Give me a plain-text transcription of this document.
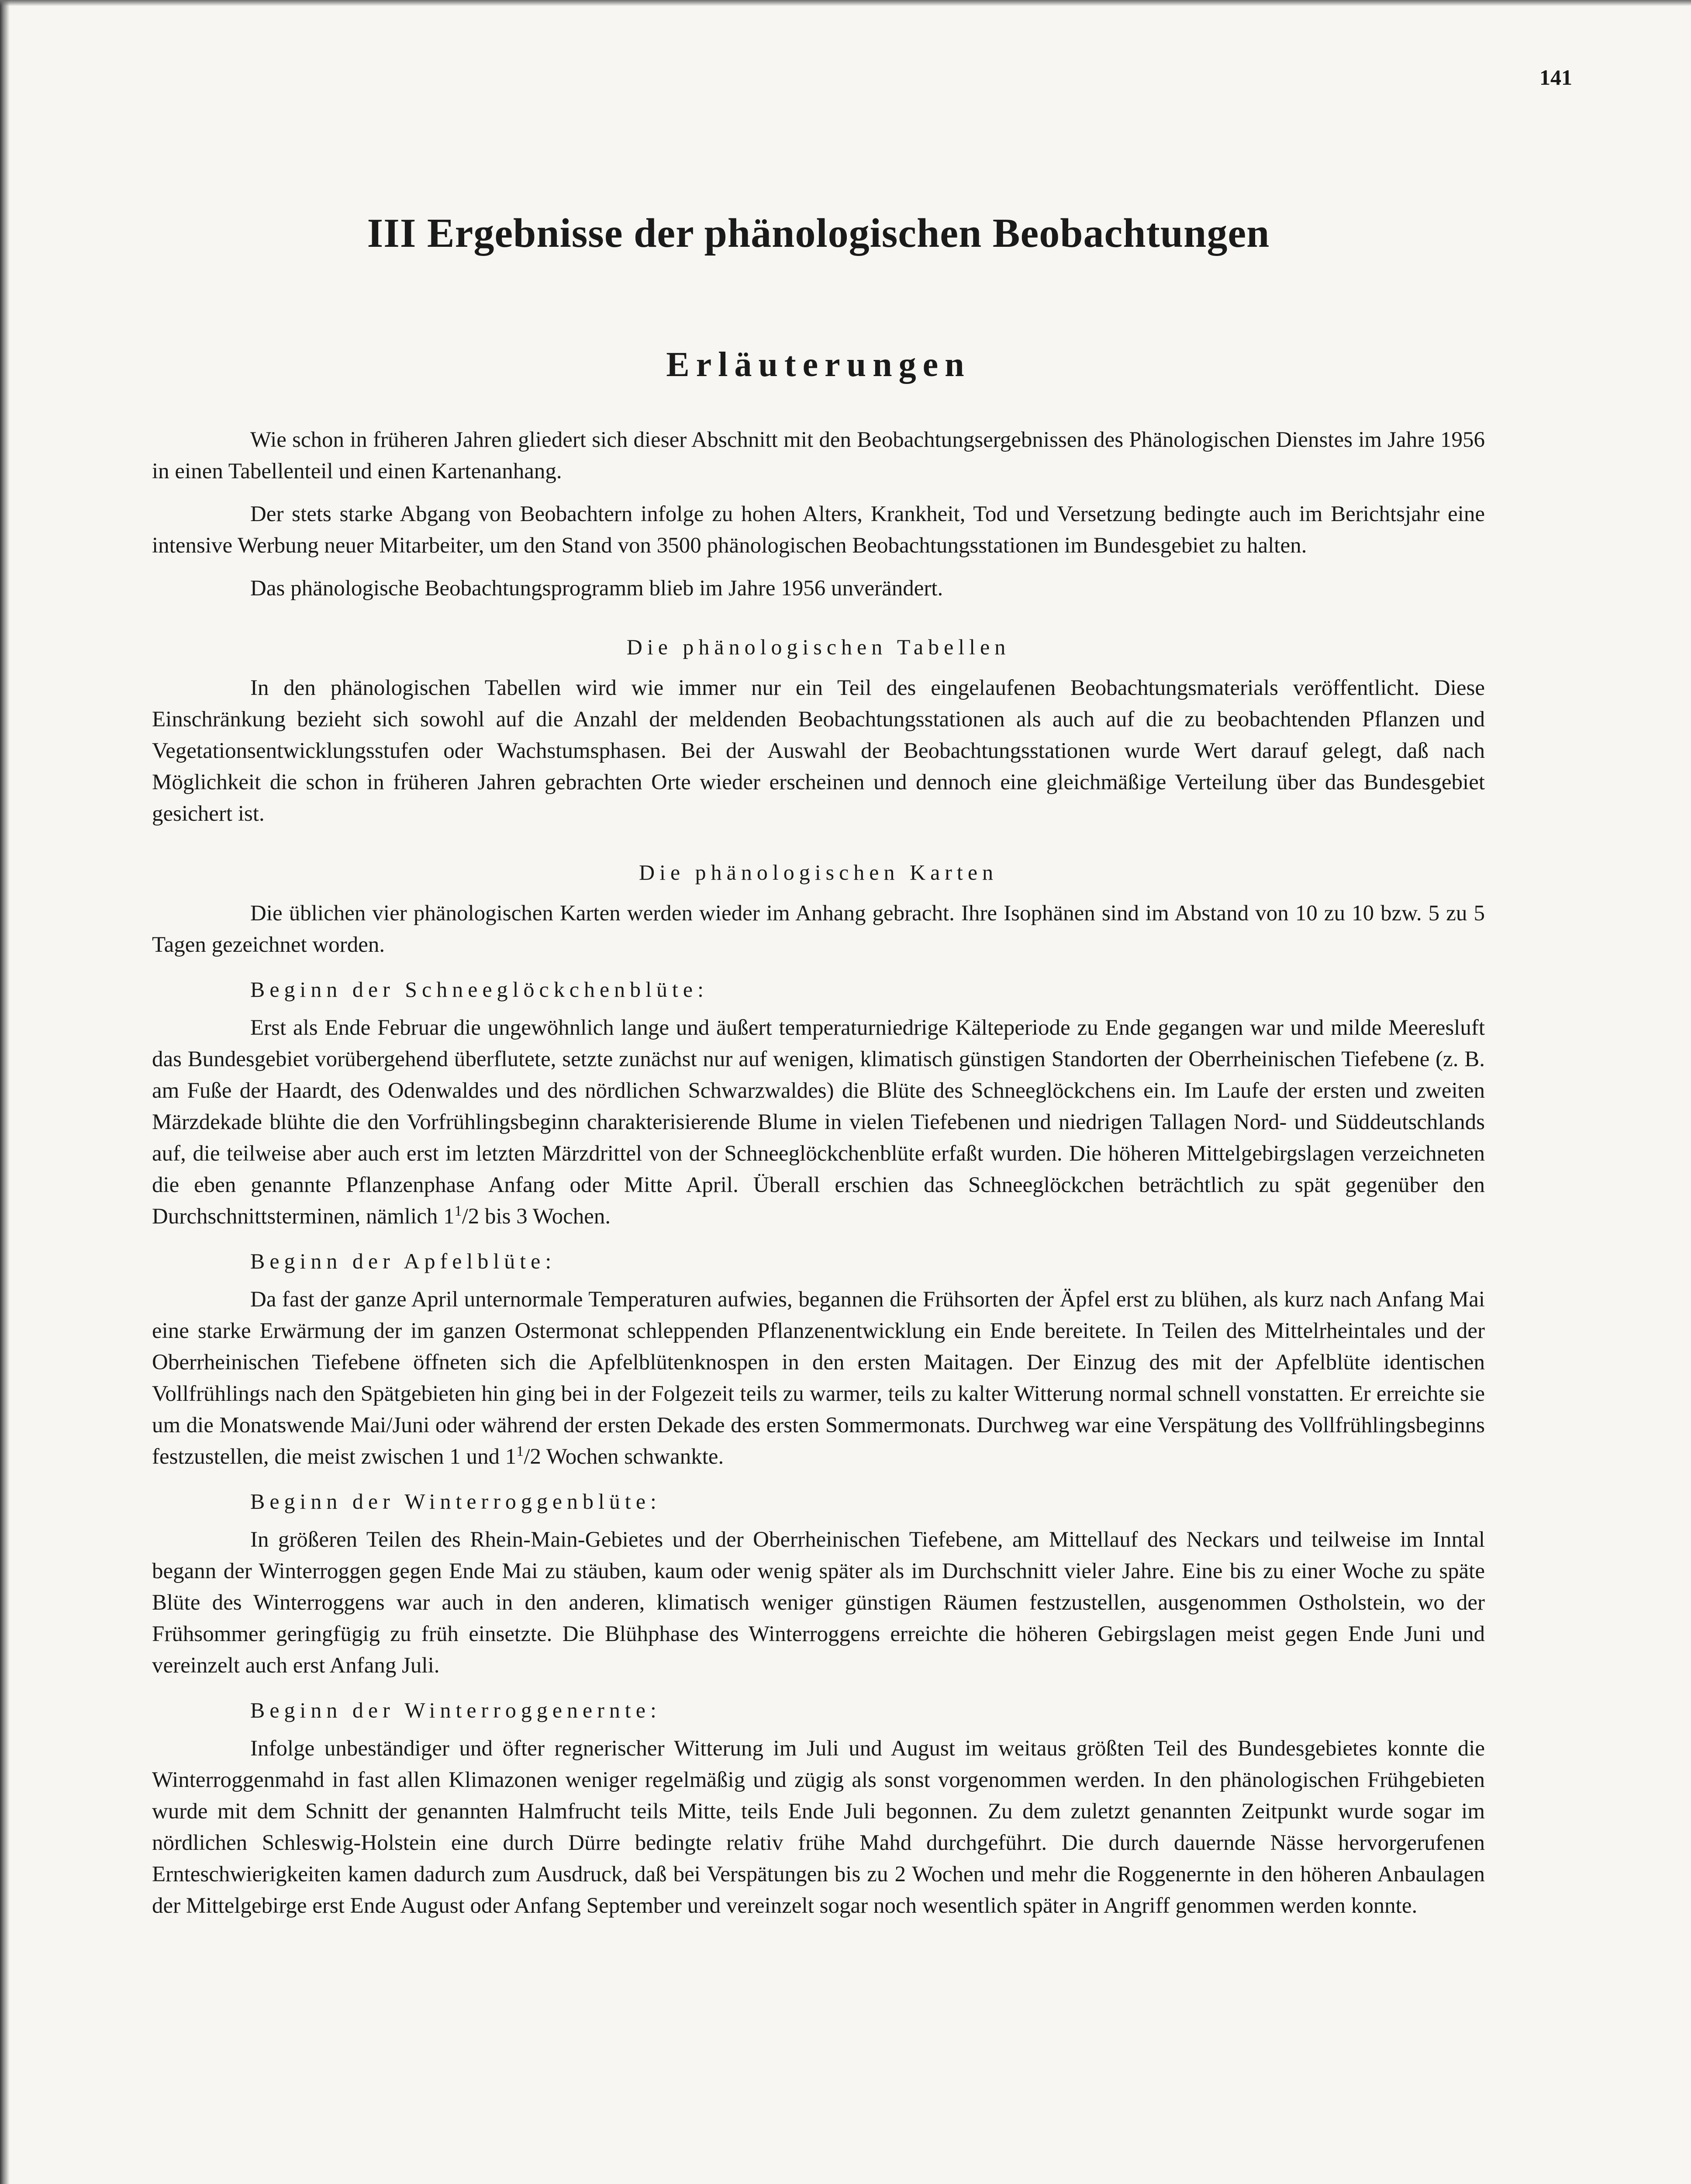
141
III Ergebnisse der phänologischen Beobachtungen
Erläuterungen

Wie schon in früheren Jahren gliedert sich dieser Abschnitt mit den Beobachtungsergebnissen des Phänologischen Dienstes im Jahre 1956 in einen Tabellenteil und einen Kartenanhang.

Der stets starke Abgang von Beobachtern infolge zu hohen Alters, Krankheit, Tod und Versetzung bedingte auch im Berichtsjahr eine intensive Werbung neuer Mitarbeiter, um den Stand von 3500 phänologischen Beobachtungsstationen im Bundesgebiet zu halten.

Das phänologische Beobachtungsprogramm blieb im Jahre 1956 unverändert.

Die phänologischen Tabellen

In den phänologischen Tabellen wird wie immer nur ein Teil des eingelaufenen Beobachtungsmaterials veröffentlicht. Diese Einschränkung bezieht sich sowohl auf die Anzahl der meldenden Beobachtungsstationen als auch auf die zu beobachtenden Pflanzen und Vegetationsentwicklungsstufen oder Wachstumsphasen. Bei der Auswahl der Beobachtungsstationen wurde Wert darauf gelegt, daß nach Möglichkeit die schon in früheren Jahren gebrachten Orte wieder erscheinen und dennoch eine gleichmäßige Verteilung über das Bundesgebiet gesichert ist.

Die phänologischen Karten

Die üblichen vier phänologischen Karten werden wieder im Anhang gebracht. Ihre Isophänen sind im Abstand von 10 zu 10 bzw. 5 zu 5 Tagen gezeichnet worden.

Beginn der Schneeglöckchenblüte:

Erst als Ende Februar die ungewöhnlich lange und äußert temperaturniedrige Kälteperiode zu Ende gegangen war und milde Meeresluft das Bundesgebiet vorübergehend überflutete, setzte zunächst nur auf wenigen, klimatisch günstigen Standorten der Oberrheinischen Tiefebene (z. B. am Fuße der Haardt, des Odenwaldes und des nördlichen Schwarzwaldes) die Blüte des Schneeglöckchens ein. Im Laufe der ersten und zweiten Märzdekade blühte die den Vorfrühlingsbeginn charakterisierende Blume in vielen Tiefebenen und niedrigen Tallagen Nord- und Süddeutschlands auf, die teilweise aber auch erst im letzten Märzdrittel von der Schneeglöckchenblüte erfaßt wurden. Die höheren Mittelgebirgslagen verzeichneten die eben genannte Pflanzenphase Anfang oder Mitte April. Überall erschien das Schneeglöckchen beträchtlich zu spät gegenüber den Durchschnittsterminen, nämlich $1^1/2$ bis 3 Wochen.

Beginn der Apfelblüte:

Da fast der ganze April unternormale Temperaturen aufwies, begannen die Frühsorten der Äpfel erst zu blühen, als kurz nach Anfang Mai eine starke Erwärmung der im ganzen Ostermonat schleppenden Pflanzenentwicklung ein Ende bereitete. In Teilen des Mittelrheintales und der Oberrheinischen Tiefebene öffneten sich die Apfelblütenknospen in den ersten Maitagen. Der Einzug des mit der Apfelblüte identischen Vollfrühlings nach den Spätgebieten hin ging bei in der Folgezeit teils zu warmer, teils zu kalter Witterung normal schnell vonstatten. Er erreichte sie um die Monatswende Mai/Juni oder während der ersten Dekade des ersten Sommermonats. Durchweg war eine Verspätung des Vollfrühlingsbeginns festzustellen, die meist zwischen 1 und $1^1/2$ Wochen schwankte.

Beginn der Winterroggenblüte:

In größeren Teilen des Rhein-Main-Gebietes und der Oberrheinischen Tiefebene, am Mittellauf des Neckars und teilweise im Inntal begann der Winterroggen gegen Ende Mai zu stäuben, kaum oder wenig später als im Durchschnitt vieler Jahre. Eine bis zu einer Woche zu späte Blüte des Winterroggens war auch in den anderen, klimatisch weniger günstigen Räumen festzustellen, ausgenommen Ostholstein, wo der Frühsommer geringfügig zu früh einsetzte. Die Blühphase des Winterroggens erreichte die höheren Gebirgslagen meist gegen Ende Juni und vereinzelt auch erst Anfang Juli.

Beginn der Winterroggenernte:

Infolge unbeständiger und öfter regnerischer Witterung im Juli und August im weitaus größten Teil des Bundesgebietes konnte die Winterroggenmahd in fast allen Klimazonen weniger regelmäßig und zügig als sonst vorgenommen werden. In den phänologischen Frühgebieten wurde mit dem Schnitt der genannten Halmfrucht teils Mitte, teils Ende Juli begonnen. Zu dem zuletzt genannten Zeitpunkt wurde sogar im nördlichen Schleswig-Holstein eine durch Dürre bedingte relativ frühe Mahd durchgeführt. Die durch dauernde Nässe hervorgerufenen Ernteschwierigkeiten kamen dadurch zum Ausdruck, daß bei Verspätungen bis zu 2 Wochen und mehr die Roggenernte in den höheren Anbaulagen der Mittelgebirge erst Ende August oder Anfang September und vereinzelt sogar noch wesentlich später in Angriff genommen werden konnte.
